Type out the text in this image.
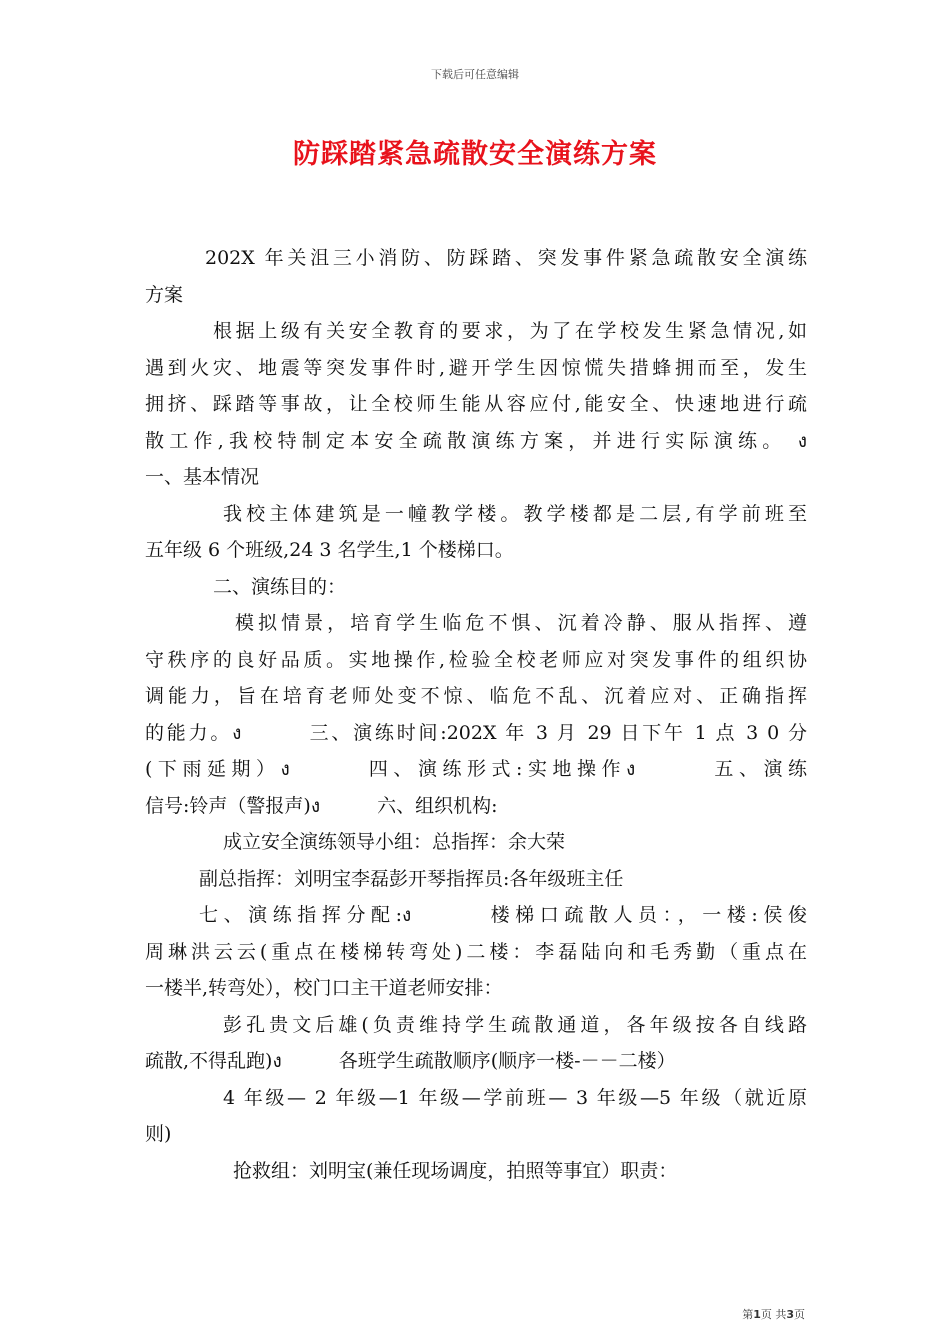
下载后可任意编辑
防踩踏紧急疏散安全演练方案
202X 年关沮三小消防、防踩踏、突发事件紧急疏散安全演练
方案
根据上级有关安全教育的要求，为了在学校发生紧急情况,如
遇到火灾、地震等突发事件时,避开学生因惊慌失措蜂拥而至，发生
拥挤、踩踏等事故，让全校师生能从容应付,能安全、快速地进行疏
散工作,我校特制定本安全疏散演练方案，并进行实际演练。 ง
一、基本情况
我校主体建筑是一幢教学楼。教学楼都是二层,有学前班至
五年级 6 个班级,24 3 名学生,1 个楼梯口。
二、演练目的：
模拟情景，培育学生临危不惧、沉着冷静、服从指挥、遵
守秩序的良好品质。实地操作,检验全校老师应对突发事件的组织协
调能力，旨在培育老师处变不惊、临危不乱、沉着应对、正确指挥
的能力。ง　　　三、演练时间:202X 年 3 月 29 日下午 1 点 3 0 分
(下雨延期）ง　　　四、演练形式:实地操作ง　　　五、演练
信号:铃声（警报声)ง　　　六、组织机构:
成立安全演练领导小组：总指挥：余大荣
副总指挥：刘明宝李磊彭开琴指挥员:各年级班主任
七、演练指挥分配:ง　　　楼梯口疏散人员：，一楼:侯俊
周琳洪云云(重点在楼梯转弯处)二楼：李磊陆向和毛秀勤（重点在
一楼半,转弯处），校门口主干道老师安排：
彭孔贵文后雄(负责维持学生疏散通道，各年级按各自线路
疏散,不得乱跑)ง　　　各班学生疏散顺序(顺序一楼-－－二楼）
4 年级— 2 年级—1 年级—学前班— 3 年级—5 年级（就近原
则)
抢救组：刘明宝(兼任现场调度，拍照等事宜）职责：
第1页 共3页
